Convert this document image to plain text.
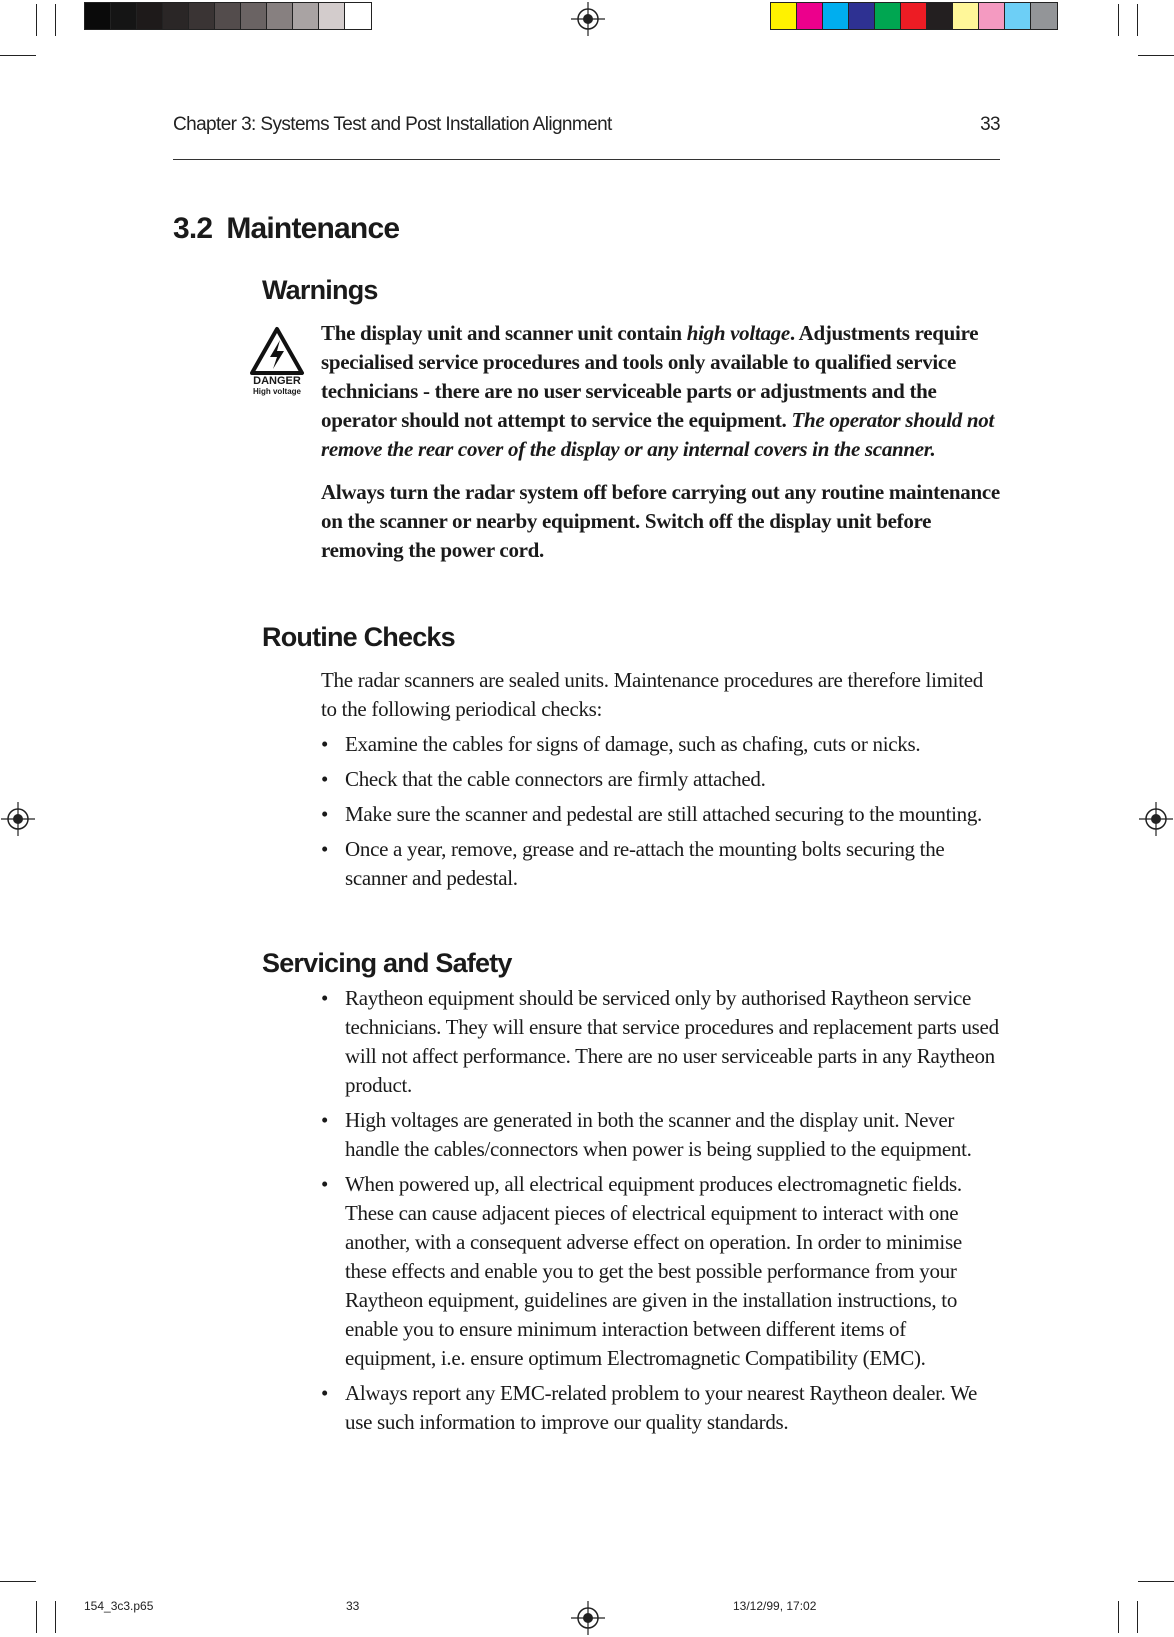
Chapter 3: Systems Test and Post Installation Alignment	33
3.2 Maintenance
Warnings
DANGER
High voltage

The display unit and scanner unit contain high voltage. Adjustments require specialised service procedures and tools only available to qualified service technicians - there are no user serviceable parts or adjustments and the operator should not attempt to service the equipment. The operator should not remove the rear cover of the display or any internal covers in the scanner.

Always turn the radar system off before carrying out any routine maintenance on the scanner or nearby equipment. Switch off the display unit before removing the power cord.

Routine Checks

The radar scanners are sealed units. Maintenance procedures are therefore limited to the following periodical checks:

• Examine the cables for signs of damage, such as chafing, cuts or nicks.
• Check that the cable connectors are firmly attached.
• Make sure the scanner and pedestal are still attached securing to the mounting.
• Once a year, remove, grease and re-attach the mounting bolts securing the scanner and pedestal.
Servicing and Safety
• Raytheon equipment should be serviced only by authorised Raytheon service technicians. They will ensure that service procedures and replacement parts used will not affect performance. There are no user serviceable parts in any Raytheon product.
• High voltages are generated in both the scanner and the display unit. Never handle the cables/connectors when power is being supplied to the equipment.
• When powered up, all electrical equipment produces electromagnetic fields. These can cause adjacent pieces of electrical equipment to interact with one another, with a consequent adverse effect on operation. In order to minimise these effects and enable you to get the best possible performance from your Raytheon equipment, guidelines are given in the installation instructions, to enable you to ensure minimum interaction between different items of equipment, i.e. ensure optimum Electromagnetic Compatibility (EMC).
• Always report any EMC-related problem to your nearest Raytheon dealer. We use such information to improve our quality standards.
154_3c3.p65	33	13/12/99, 17:02
